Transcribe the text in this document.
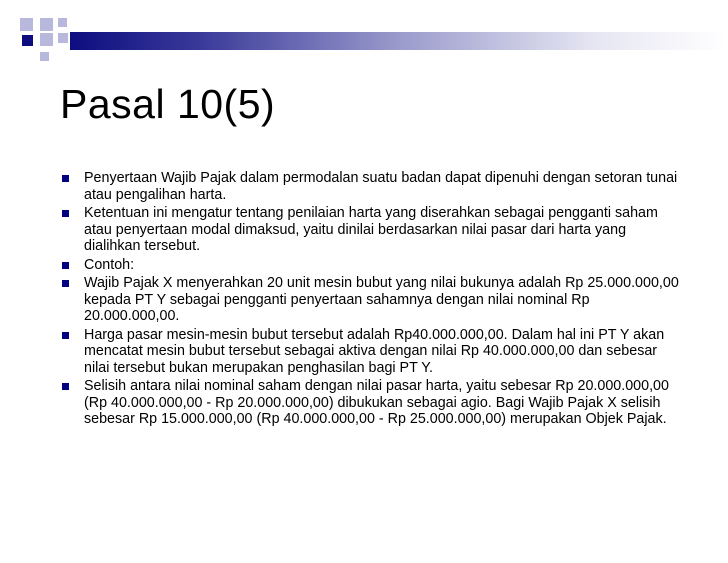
Pasal 10(5)
Penyertaan Wajib Pajak dalam permodalan suatu badan dapat dipenuhi dengan setoran tunai atau pengalihan harta.
Ketentuan ini mengatur tentang penilaian harta yang diserahkan sebagai pengganti saham atau penyertaan modal dimaksud, yaitu dinilai berdasarkan nilai pasar dari harta yang dialihkan tersebut.
Contoh:
Wajib Pajak X menyerahkan 20 unit mesin bubut yang nilai bukunya adalah Rp 25.000.000,00 kepada PT Y sebagai pengganti penyertaan sahamnya dengan nilai nominal Rp 20.000.000,00.
Harga pasar mesin-mesin bubut tersebut adalah Rp40.000.000,00. Dalam hal ini PT Y akan mencatat mesin bubut tersebut sebagai aktiva dengan nilai Rp 40.000.000,00 dan sebesar nilai tersebut bukan merupakan penghasilan bagi PT Y.
Selisih antara nilai nominal saham dengan nilai pasar harta, yaitu sebesar Rp 20.000.000,00 (Rp 40.000.000,00 - Rp 20.000.000,00) dibukukan sebagai agio. Bagi Wajib Pajak X selisih sebesar Rp 15.000.000,00 (Rp 40.000.000,00 - Rp 25.000.000,00) merupakan Objek Pajak.
